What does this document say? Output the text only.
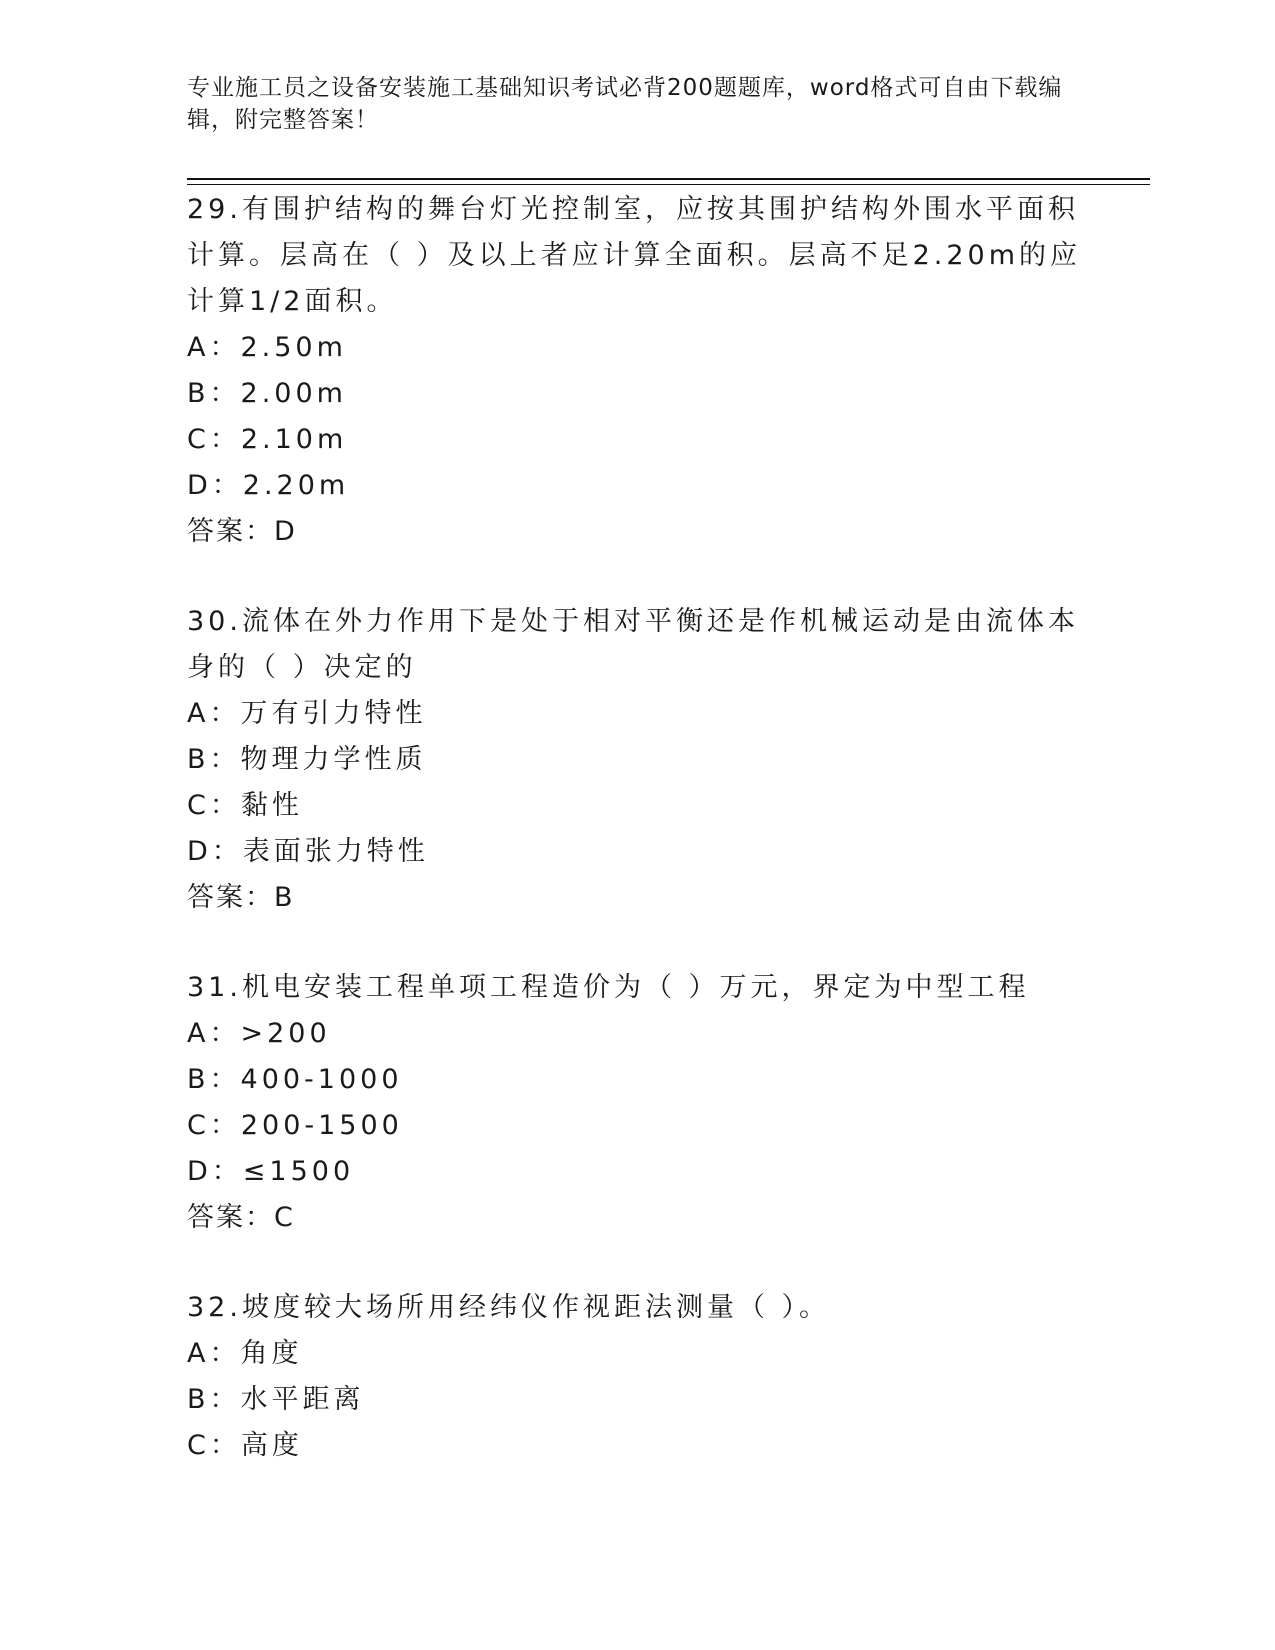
专业施工员之设备安装施工基础知识考试必背200题题库，word格式可自由下载编辑，附完整答案！
29.有围护结构的舞台灯光控制室，应按其围护结构外围水平面积计算。层高在（ ）及以上者应计算全面积。层高不足2.20m的应计算1/2面积。
A：2.50m
B：2.00m
C：2.10m
D：2.20m
答案：D
30.流体在外力作用下是处于相对平衡还是作机械运动是由流体本身的（ ）决定的
A：万有引力特性
B：物理力学性质
C：黏性
D：表面张力特性
答案：B
31.机电安装工程单项工程造价为（ ）万元，界定为中型工程
A：>200
B：400-1000
C：200-1500
D：≤1500
答案：C
32.坡度较大场所用经纬仪作视距法测量（ ）。
A：角度
B：水平距离
C：高度
